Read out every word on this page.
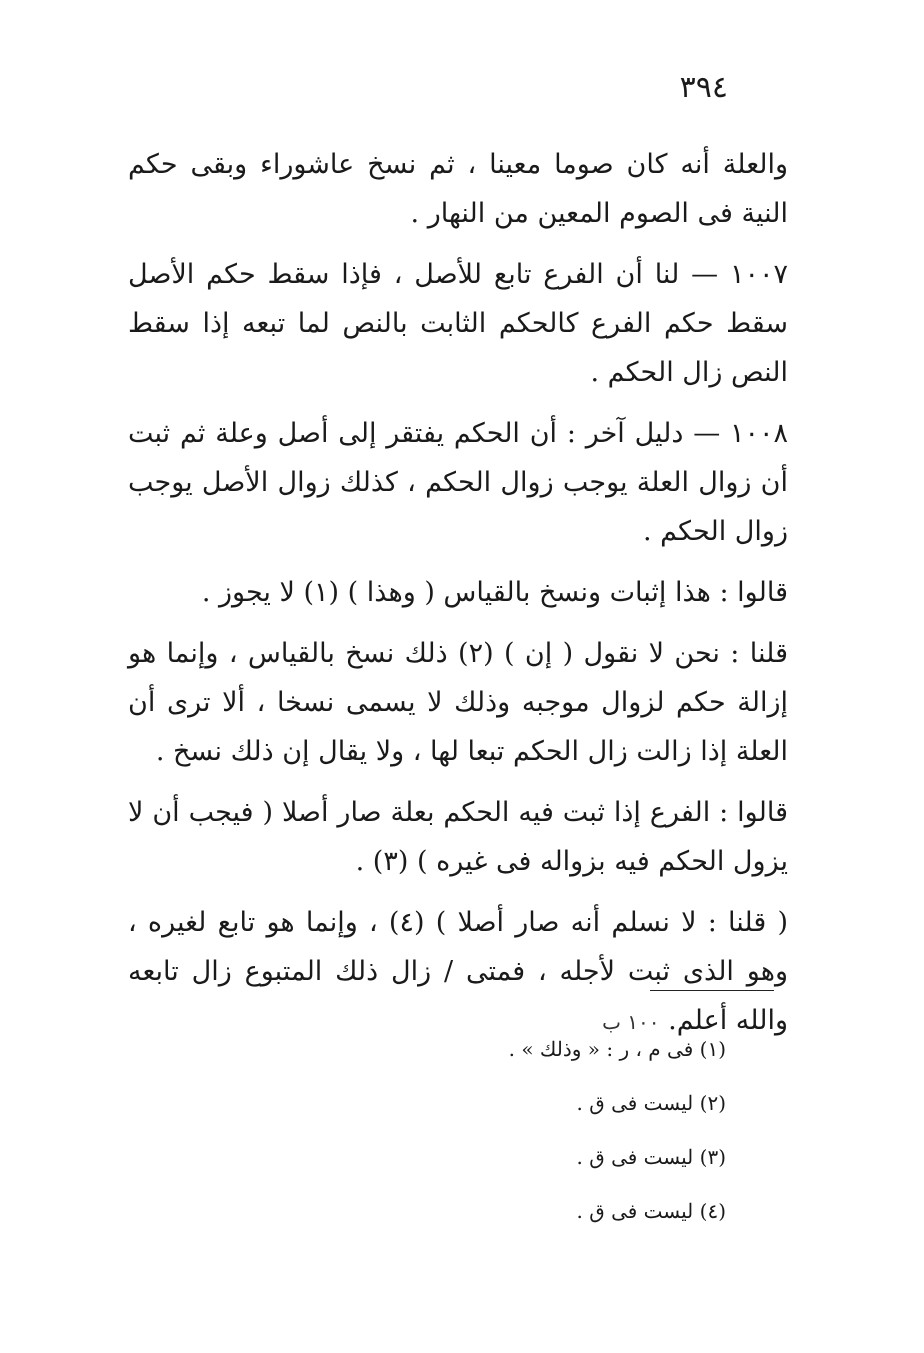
٣٩٤

والعلة أنه كان صوما معينا ، ثم نسخ عاشوراء وبقى حكم النية فى الصوم المعين من النهار .

١٠٠٧ — لنا أن الفرع تابع للأصل ، فإذا سقط حكم الأصل سقط حكم الفرع كالحكم الثابت بالنص لما تبعه إذا سقط النص زال الحكم .

١٠٠٨ — دليل آخر : أن الحكم يفتقر إلى أصل وعلة ثم ثبت أن زوال العلة يوجب زوال الحكم ، كذلك زوال الأصل يوجب زوال الحكم .

قالوا : هذا إثبات ونسخ بالقياس ( وهذا ) (١) لا يجوز .

قلنا : نحن لا نقول ( إن ) (٢) ذلك نسخ بالقياس ، وإنما هو إزالة حكم لزوال موجبه وذلك لا يسمى نسخا ، ألا ترى أن العلة إذا زالت زال الحكم تبعا لها ، ولا يقال إن ذلك نسخ .

قالوا : الفرع إذا ثبت فيه الحكم بعلة صار أصلا ( فيجب أن لا يزول الحكم فيه بزواله فى غيره ) (٣) .

( قلنا : لا نسلم أنه صار أصلا ) (٤) ، وإنما هو تابع لغيره ، وهو الذى ثبت لأجله ، فمتى / زال ذلك المتبوع زال تابعه والله أعلم. ١٠٠ ب

(١) فى م ، ر : « وذلك » .

(٢) ليست فى ق .

(٣) ليست فى ق .

(٤) ليست فى ق .
